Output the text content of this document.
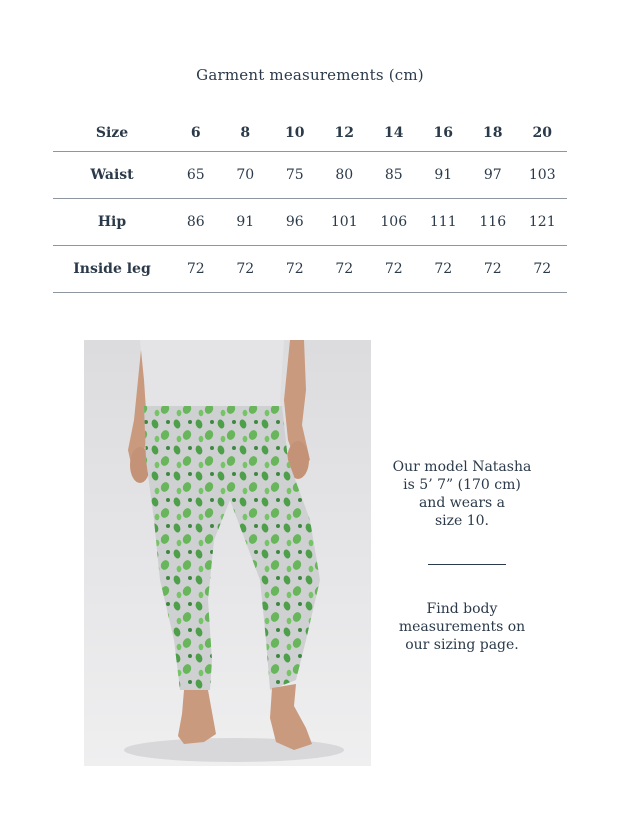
Garment measurements (cm)
Size	6	8	10	12	14	16	18	20
Waist	65	70	75	80	85	91	97	103
Hip	86	91	96	101	106	111	116	121
Inside leg	72	72	72	72	72	72	72	72

Our model Natasha

is 5’ 7” (170 cm)

and wears a

size 10.

Find body

measurements on

our sizing page.
